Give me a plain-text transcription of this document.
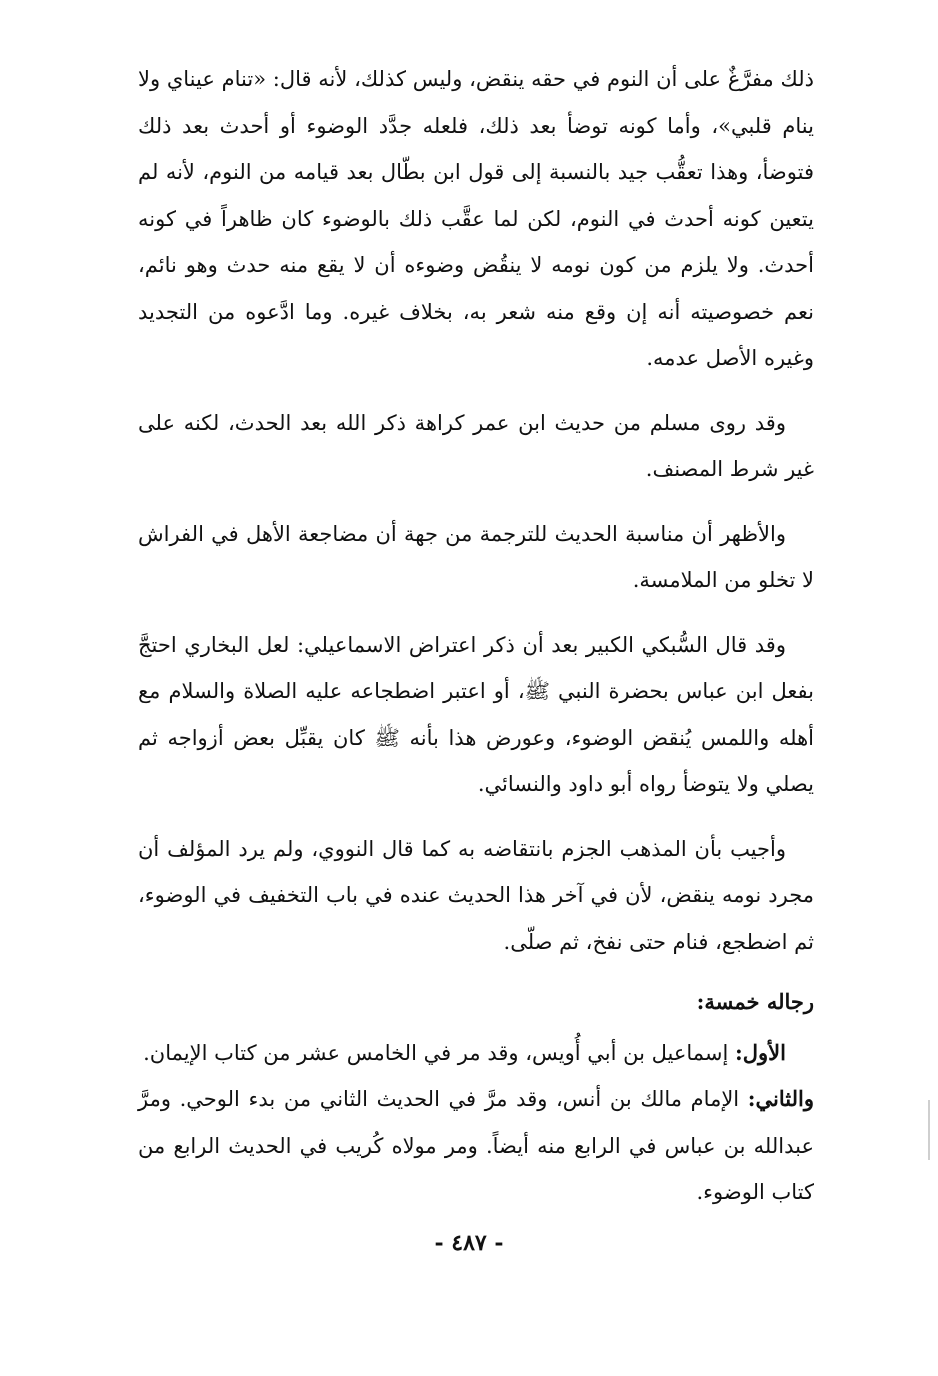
ذلك مفرَّغٌ على أن النوم في حقه ينقض، وليس كذلك، لأنه قال: «تنام عيناي ولا ينام قلبي»، وأما كونه توضأ بعد ذلك، فلعله جدَّد الوضوء أو أحدث بعد ذلك فتوضأ، وهذا تعقُّب جيد بالنسبة إلى قول ابن بطّال بعد قيامه من النوم، لأنه لم يتعين كونه أحدث في النوم، لكن لما عقَّب ذلك بالوضوء كان ظاهراً في كونه أحدث. ولا يلزم من كون نومه لا ينقُض وضوءه أن لا يقع منه حدث وهو نائم، نعم خصوصيته أنه إن وقع منه شعر به، بخلاف غيره. وما ادَّعوه من التجديد وغيره الأصل عدمه.

وقد روى مسلم من حديث ابن عمر كراهة ذكر الله بعد الحدث، لكنه على غير شرط المصنف.

والأظهر أن مناسبة الحديث للترجمة من جهة أن مضاجعة الأهل في الفراش لا تخلو من الملامسة.

وقد قال السُّبكي الكبير بعد أن ذكر اعتراض الاسماعيلي: لعل البخاري احتجَّ بفعل ابن عباس بحضرة النبي ﷺ، أو اعتبر اضطجاعه عليه الصلاة والسلام مع أهله واللمس يُنقض الوضوء، وعورض هذا بأنه ﷺ كان يقبِّل بعض أزواجه ثم يصلي ولا يتوضأ رواه أبو داود والنسائي.

وأجيب بأن المذهب الجزم بانتقاضه به كما قال النووي، ولم يرد المؤلف أن مجرد نومه ينقض، لأن في آخر هذا الحديث عنده في باب التخفيف في الوضوء، ثم اضطجع، فنام حتى نفخ، ثم صلّى.

رجاله خمسة:

الأول: إسماعيل بن أبي أُويس، وقد مر في الخامس عشر من كتاب الإيمان.

والثاني: الإمام مالك بن أنس، وقد مرَّ في الحديث الثاني من بدء الوحي. ومرَّ عبدالله بن عباس في الرابع منه أيضاً. ومر مولاه كُريب في الحديث الرابع من كتاب الوضوء.

- ٤٨٧ -
